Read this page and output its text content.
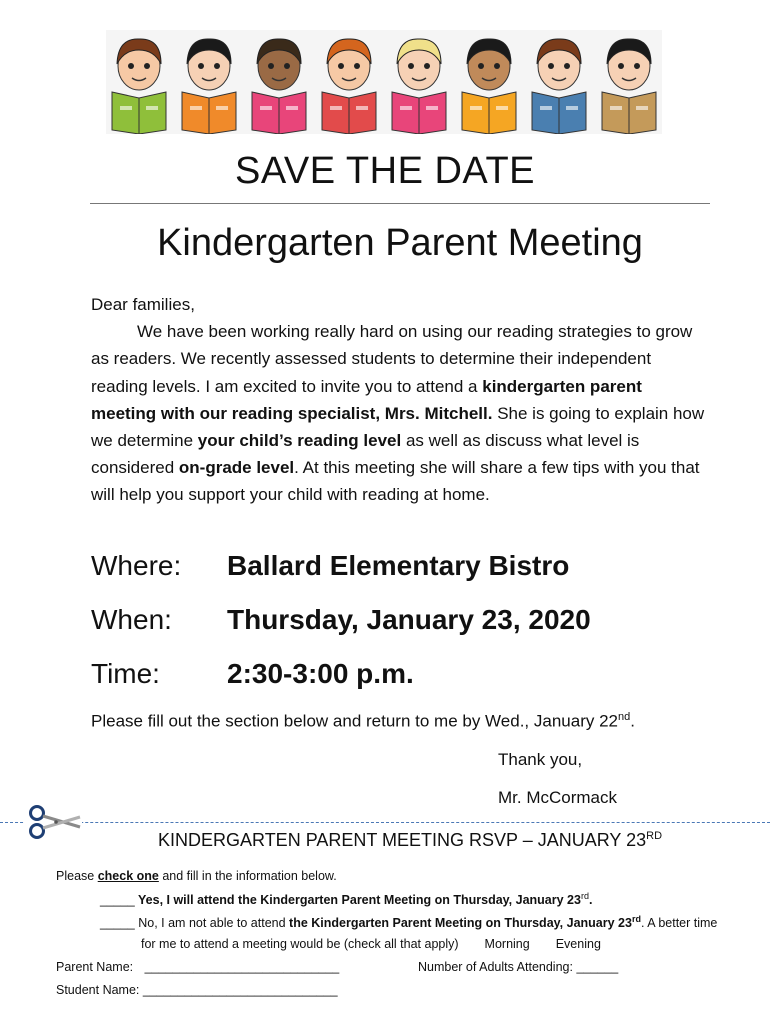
SAVE THE DATE
Kindergarten Parent Meeting

Dear families,

We have been working really hard on using our reading strategies to grow as readers. We recently assessed students to determine their independent reading levels. I am excited to invite you to attend a kindergarten parent meeting with our reading specialist, Mrs. Mitchell. She is going to explain how we determine your child’s reading level as well as discuss what level is considered on-grade level. At this meeting she will share a few tips with you that will help you support your child with reading at home.

Where: Ballard Elementary Bistro
When: Thursday, January 23, 2020
Time: 2:30-3:00 p.m.
Please fill out the section below and return to me by Wed., January 22nd.
Thank you,
Mr. McCormack
KINDERGARTEN PARENT MEETING RSVP – JANUARY 23RD
Please check one and fill in the information below.
_____ Yes, I will attend the Kindergarten Parent Meeting on Thursday, January 23rd.
_____ No, I am not able to attend the Kindergarten Parent Meeting on Thursday, January 23rd. A better time
for me to attend a meeting would be (check all that apply) Morning Evening
Parent Name: ____________________________	Number of Adults Attending: ______
Student Name: ____________________________
